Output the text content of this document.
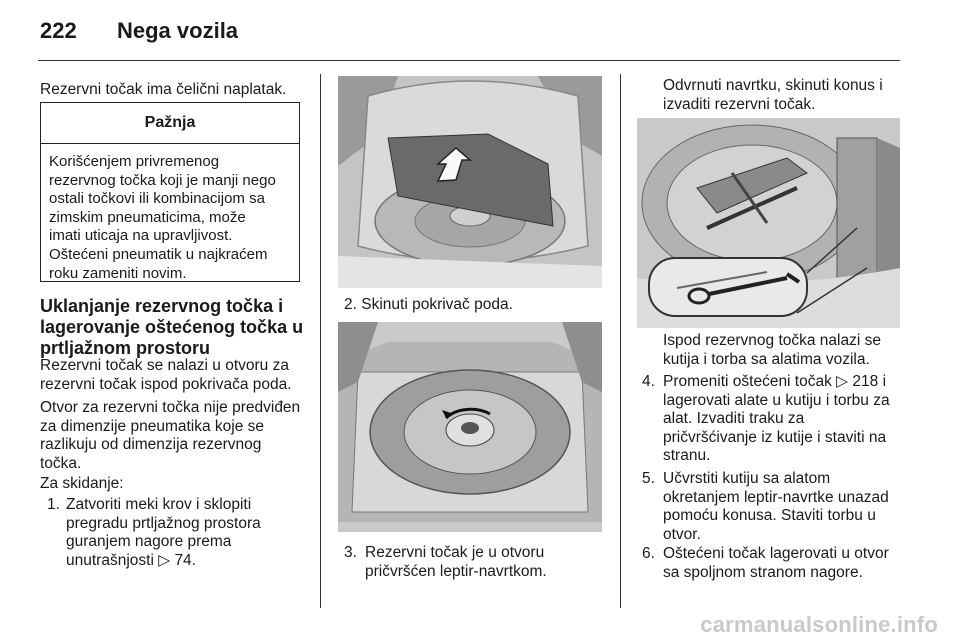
222 Nega vozila
Rezervni točak ima čelični naplatak.
Pažnja
Korišćenjem privremenog
rezervnog točka koji je manji nego
ostali točkovi ili kombinacijom sa
zimskim pneumaticima, može
imati uticaja na upravljivost.
Oštećeni pneumatik u najkraćem
roku zameniti novim.
Uklanjanje rezervnog točka i
lagerovanje oštećenog točka u
prtljažnom prostoru
Rezervni točak se nalazi u otvoru za
rezervni točak ispod pokrivača poda.
Otvor za rezervni točka nije predviđen
za dimenzije pneumatika koje se
razlikuju od dimenzija rezervnog
točka.
Za skidanje:
1. Zatvoriti meki krov i sklopiti
pregradu prtljažnog prostora
guranjem nagore prema
unutrašnjosti ▷ 74.
2. Skinuti pokrivač poda.
3. Rezervni točak je u otvoru
pričvršćen leptir-navrtkom.
Odvrnuti navrtku, skinuti konus i
izvaditi rezervni točak.
Ispod rezervnog točka nalazi se
kutija i torba sa alatima vozila.
4. Promeniti oštećeni točak ▷ 218 i
lagerovati alate u kutiju i torbu za
alat. Izvaditi traku za
pričvršćivanje iz kutije i staviti na
stranu.
5. Učvrstiti kutiju sa alatom
okretanjem leptir-navrtke unazad
pomoću konusa. Staviti torbu u
otvor.
6. Oštećeni točak lagerovati u otvor
sa spoljnom stranom nagore.
carmanualsonline.info
